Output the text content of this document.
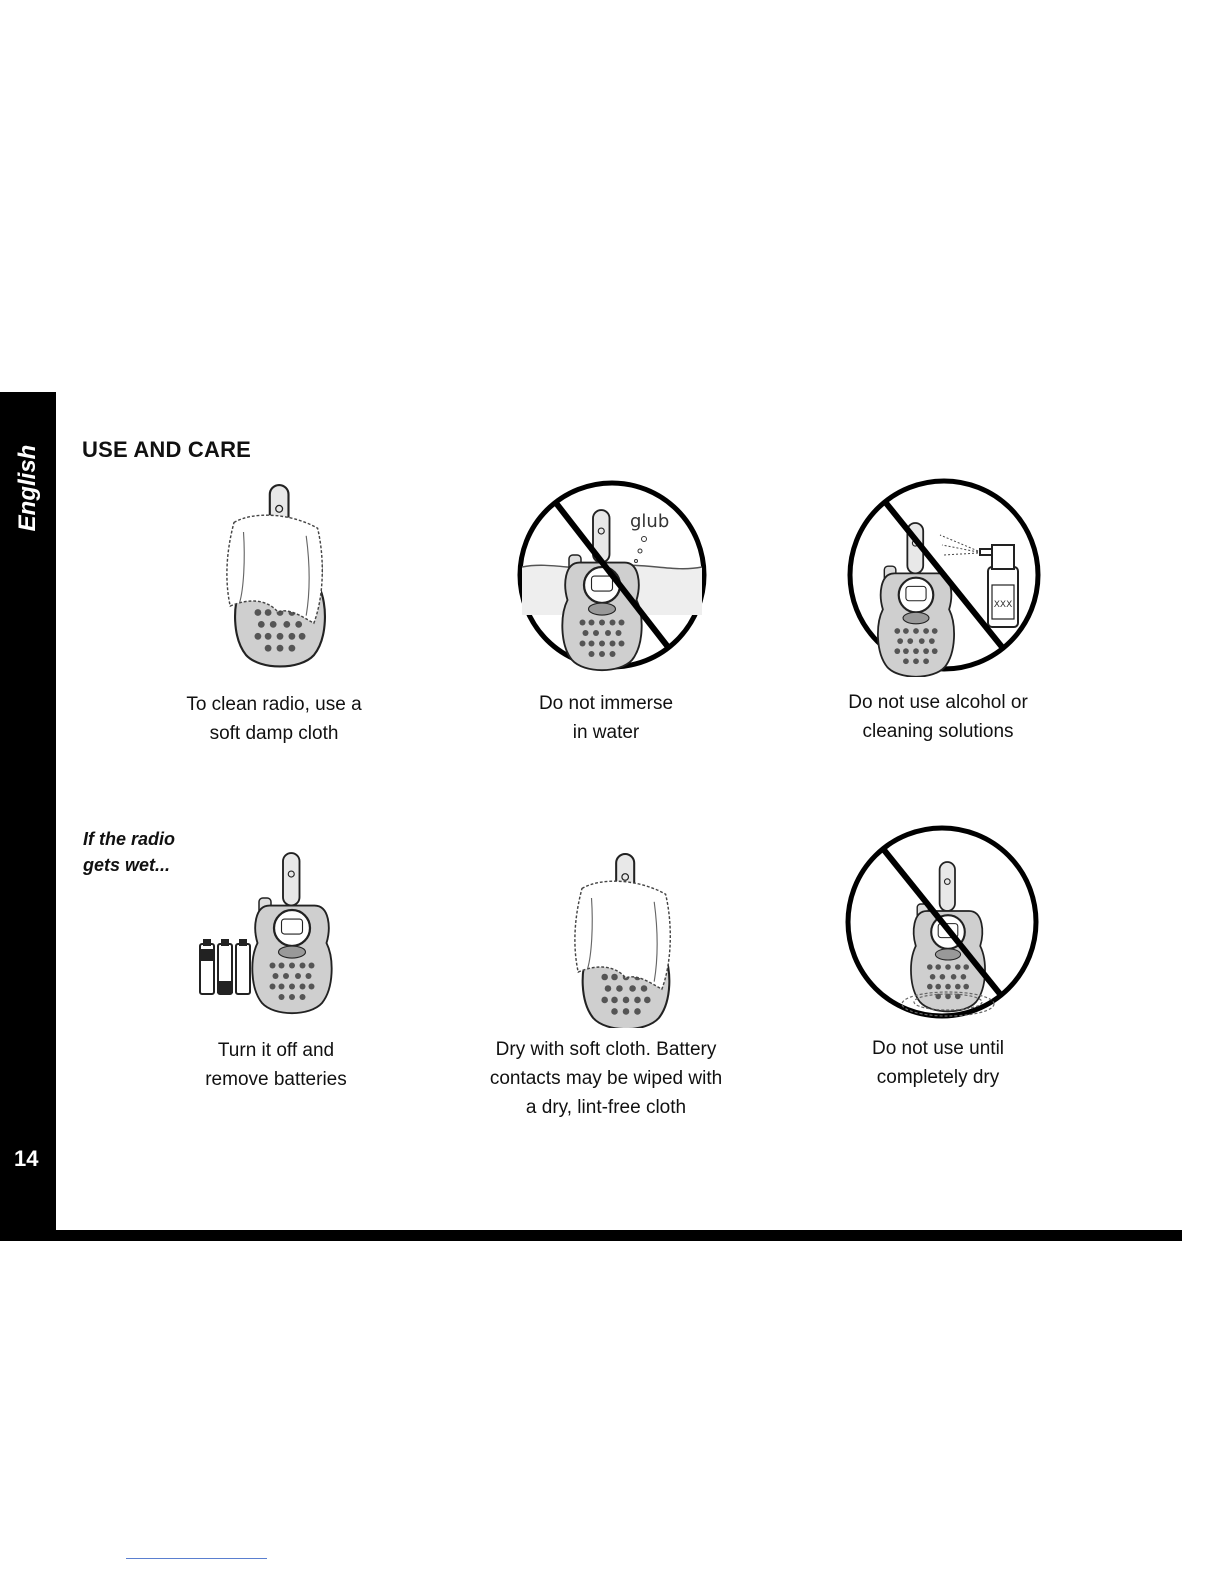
English
14
USE AND CARE
To clean radio, use a
soft damp cloth
glub
Do not immerse
in water
XXX
Do not use alcohol or
cleaning solutions
If the radio
gets wet...
Turn it off and
remove batteries
Dry with soft cloth. Battery
contacts may be wiped with
a dry, lint-free cloth
Do not use until
completely dry
